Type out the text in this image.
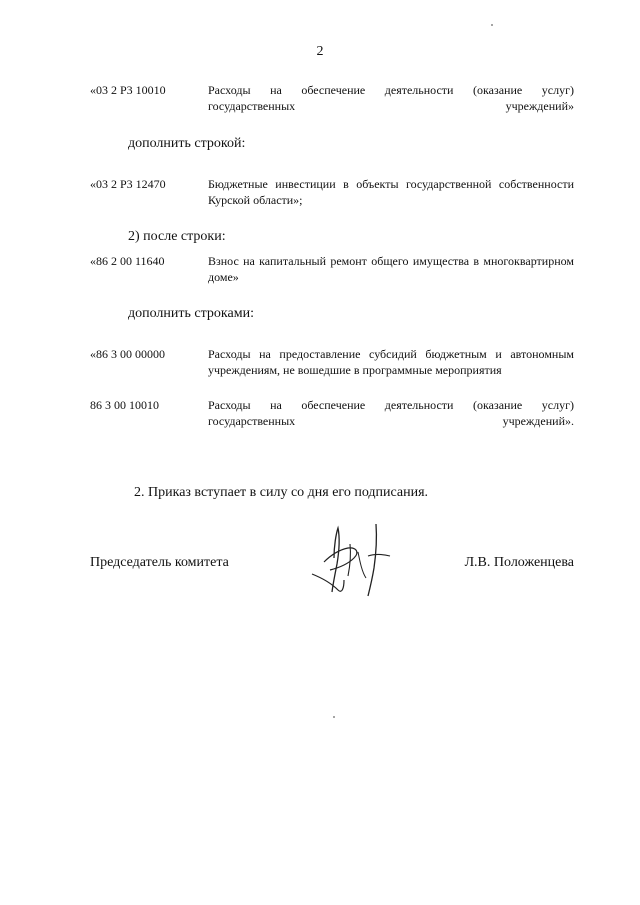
2
«03 2 Р3 10010	Расходы на обеспечение деятельности (оказание услуг) государственных учреждений»
дополнить строкой:
«03 2 Р3 12470	Бюджетные инвестиции в объекты государственной собственности Курской области»;
2) после строки:
«86 2 00 11640	Взнос на капитальный ремонт общего имущества в многоквартирном доме»
дополнить строками:
«86 3 00 00000	Расходы на предоставление субсидий бюджетным и автономным учреждениям, не вошедшие в программные мероприятия
86 3 00 10010	Расходы на обеспечение деятельности (оказание услуг) государственных учреждений».
2. Приказ вступает в силу со дня его подписания.
Председатель комитета	Л.В. Положенцева
